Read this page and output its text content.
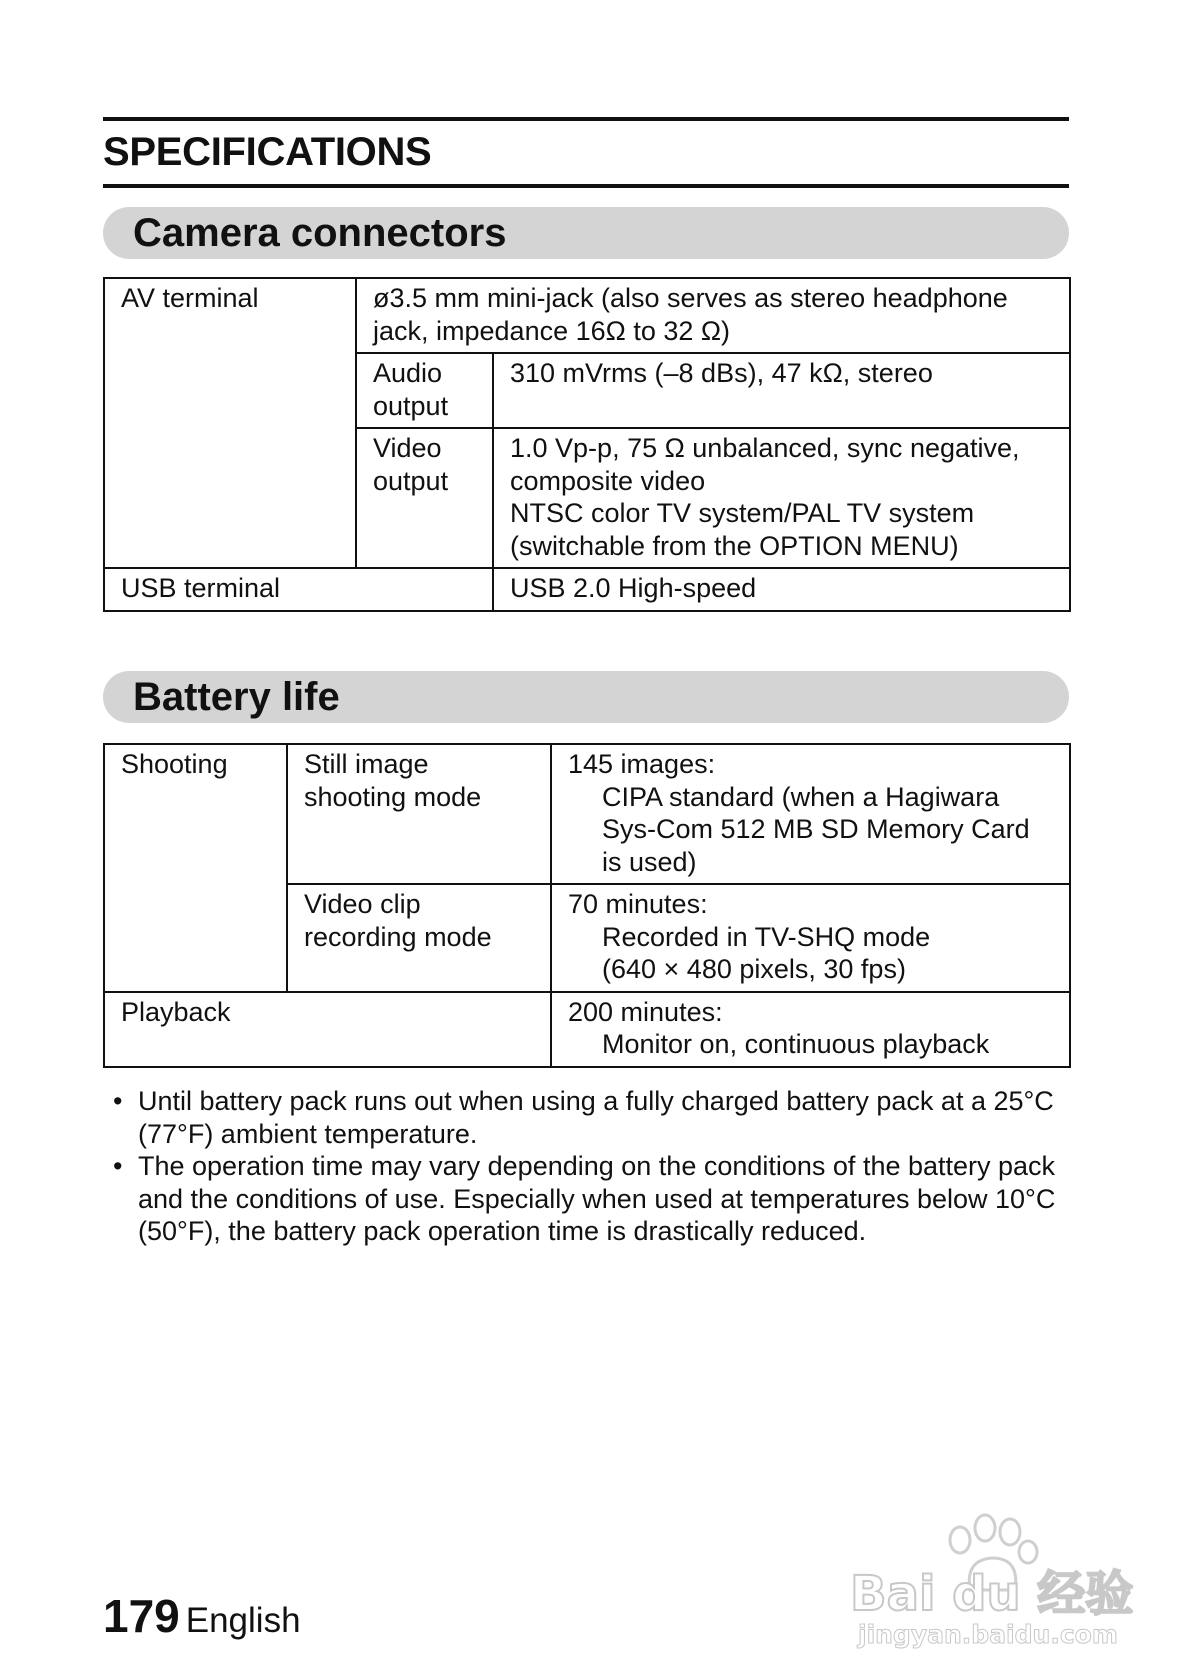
SPECIFICATIONS
Camera connectors
AV terminal	ø3.5 mm mini-jack (also serves as stereo headphone jack, impedance 16Ω to 32 Ω)	
	Audio output	310 mVrms (–8 dBs), 47 kΩ, stereo
	Video output	1.0 Vp-p, 75 Ω unbalanced, sync negative, composite video
NTSC color TV system/PAL TV system (switchable from the OPTION MENU)

USB terminal		USB 2.0 High-speed
Battery life
Shooting	Still image shooting mode	145 images:
CIPA standard (when a Hagiwara Sys-Com 512 MB SD Memory Card is used)

	Video clip recording mode	70 minutes:
Recorded in TV-SHQ mode
(640 × 480 pixels, 30 fps)

Playback		200 minutes:
Monitor on, continuous playback
• Until battery pack runs out when using a fully charged battery pack at a 25°C (77°F) ambient temperature.
• The operation time may vary depending on the conditions of the battery pack and the conditions of use. Especially when used at temperatures below 10°C (50°F), the battery pack operation time is drastically reduced.
179 English	Bai du 经验
jingyan.baidu.com
